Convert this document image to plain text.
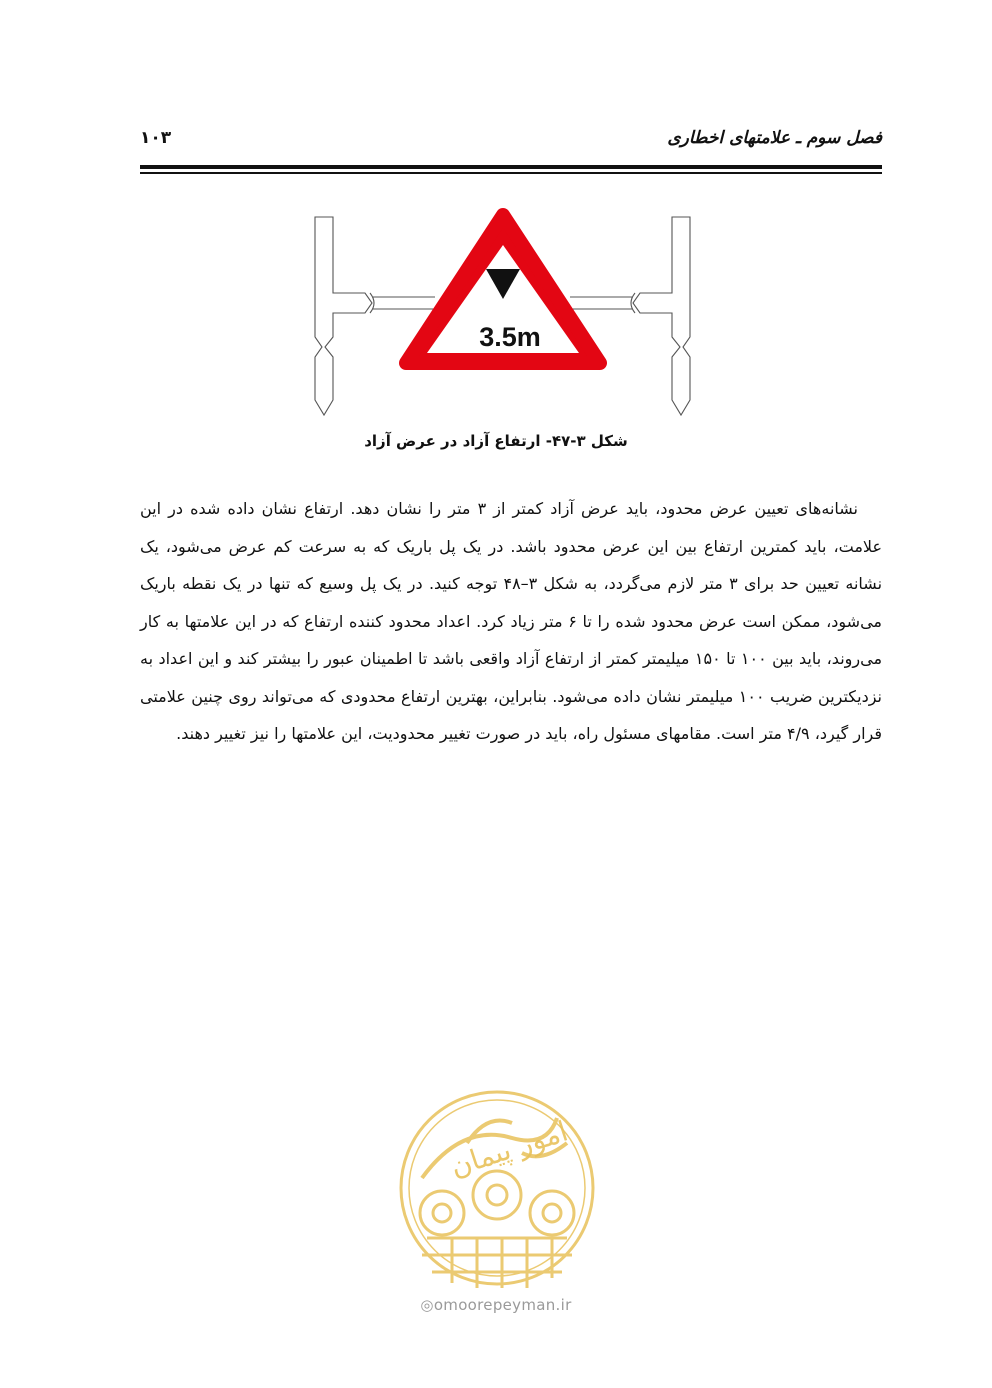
فصل سوم ـ علامتهای اخطاری
۱۰۳
3.5m
شکل ۳-۴۷- ارتفاع آزاد در عرض آزاد
نشانه‌های تعیین عرض محدود، باید عرض آزاد کمتر از ۳ متر را نشان دهد. ارتفاع نشان داده شده در این علامت، باید کمترین ارتفاع بین این عرض محدود باشد. در یک پل باریک که به سرعت کم عرض می‌شود، یک نشانه تعیین حد برای ۳ متر لازم می‌گردد، به شکل ۳–۴۸ توجه کنید. در یک پل وسیع که تنها در یک نقطه باریک می‌شود، ممکن است عرض محدود شده را تا ۶ متر زیاد کرد. اعداد محدود کننده ارتفاع که در این علامتها به کار می‌روند، باید بین ۱۰۰ تا ۱۵۰ میلیمتر کمتر از ارتفاع آزاد واقعی باشد تا اطمینان عبور را بیشتر کند و این اعداد به نزدیکترین ضریب ۱۰۰ میلیمتر نشان داده می‌شود. بنابراین، بهترین ارتفاع محدودی که می‌تواند روی چنین علامتی قرار گیرد، ۴/۹ متر است. مقامهای مسئول راه، باید در صورت تغییر محدودیت، این علامتها را نیز تغییر دهند.
امور پیمان
◎omoorepeyman.ir
